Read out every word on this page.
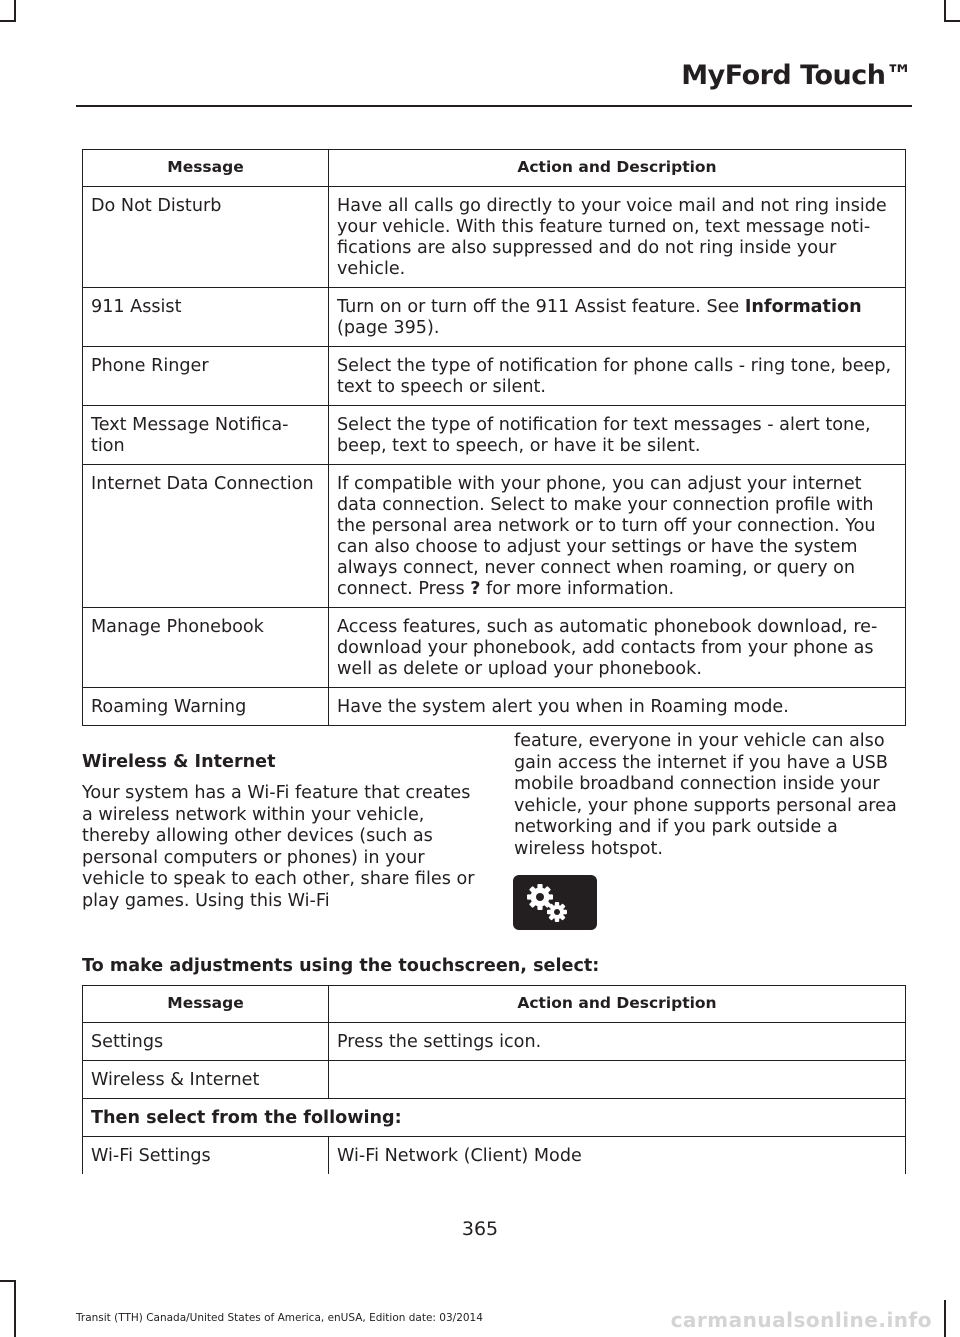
MyFord Touch™
Message	Action and Description
Do Not Disturb	Have all calls go directly to your voice mail and not ring inside your vehicle. With this feature turned on, text message noti-fications are also suppressed and do not ring inside your vehicle.
911 Assist	Turn on or turn off the 911 Assist feature. See Information (page 395).
Phone Ringer	Select the type of notification for phone calls - ring tone, beep, text to speech or silent.
Text Message Notifica-tion	Select the type of notification for text messages - alert tone, beep, text to speech, or have it be silent.
Internet Data Connection	If compatible with your phone, you can adjust your internet data connection. Select to make your connection profile with the personal area network or to turn off your connection. You can also choose to adjust your settings or have the system always connect, never connect when roaming, or query on connect. Press ? for more information.
Manage Phonebook	Access features, such as automatic phonebook download, re-download your phonebook, add contacts from your phone as well as delete or upload your phonebook.
Roaming Warning	Have the system alert you when in Roaming mode.
Wireless & Internet

Your system has a Wi-Fi feature that creates a wireless network within your vehicle, thereby allowing other devices (such as personal computers or phones) in your vehicle to speak to each other, share files or play games. Using this Wi-Fi

feature, everyone in your vehicle can also gain access the internet if you have a USB mobile broadband connection inside your vehicle, your phone supports personal area networking and if you park outside a wireless hotspot.

To make adjustments using the touchscreen, select:
Message	Action and Description
Settings	Press the settings icon.
Wireless & Internet	
Then select from the following:	
Wi-Fi Settings	Wi-Fi Network (Client) Mode
365
Transit (TTH) Canada/United States of America, enUSA, Edition date: 03/2014	carmanualsonline.info
